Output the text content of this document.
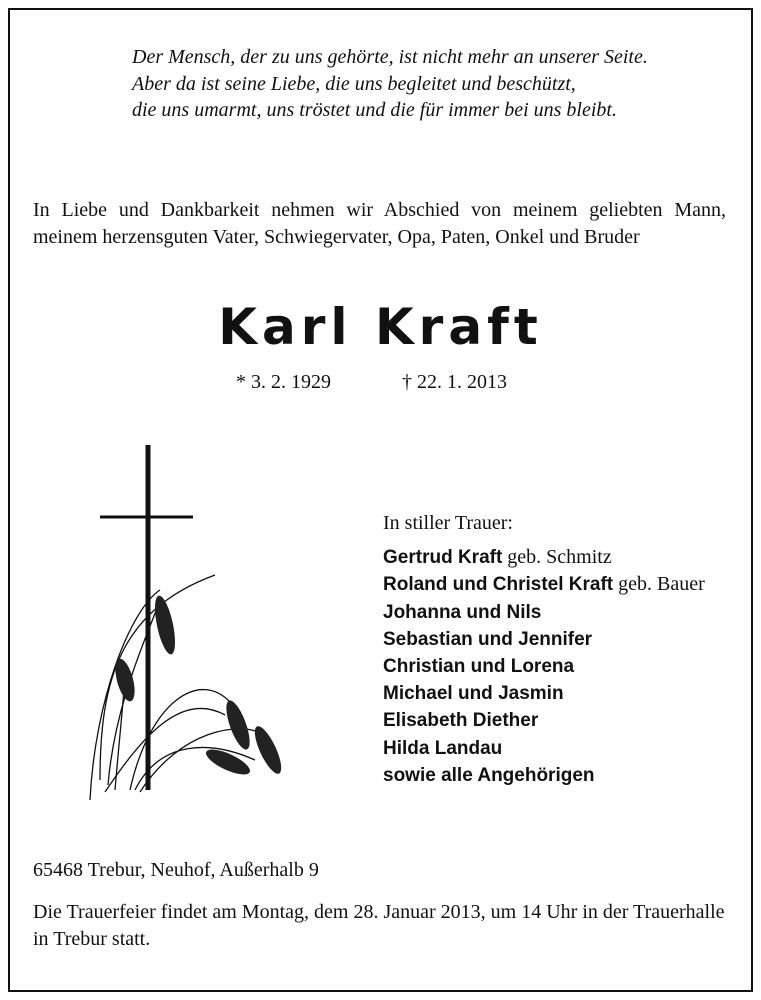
Der Mensch, der zu uns gehörte, ist nicht mehr an unserer Seite.
Aber da ist seine Liebe, die uns begleitet und beschützt,
die uns umarmt, uns tröstet und die für immer bei uns bleibt.
In Liebe und Dankbarkeit nehmen wir Abschied von meinem geliebten Mann, meinem herzensguten Vater, Schwiegervater, Opa, Paten, Onkel und Bruder
Karl Kraft
* 3. 2. 1929	† 22. 1. 2013
In stiller Trauer:
Gertrud Kraft geb. Schmitz
Roland und Christel Kraft geb. Bauer
Johanna und Nils
Sebastian und Jennifer
Christian und Lorena
Michael und Jasmin
Elisabeth Diether
Hilda Landau
sowie alle Angehörigen
65468 Trebur, Neuhof, Außerhalb 9
Die Trauerfeier findet am Montag, dem 28. Januar 2013, um 14 Uhr in der Trauerhalle in Trebur statt.
